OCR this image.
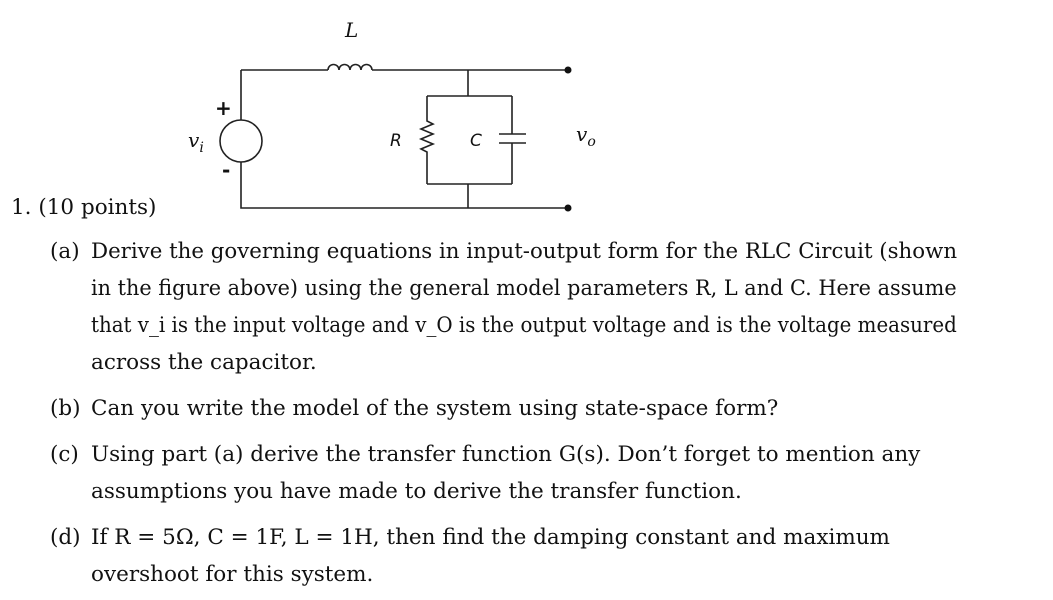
L
R	C
$v_i$
$v_o$
+
-
1. (10 points)
(a) Derive the governing equations in input-output form for the RLC Circuit (shown
in the figure above) using the general model parameters R, L and C. Here assume
that v_i is the input voltage and v_O is the output voltage and is the voltage measured
across the capacitor.
(b) Can you write the model of the system using state-space form?
(c) Using part (a) derive the transfer function G(s). Don’t forget to mention any
assumptions you have made to derive the transfer function.
(d) If R = 5Ω, C = 1F, L = 1H, then find the damping constant and maximum
overshoot for this system.
